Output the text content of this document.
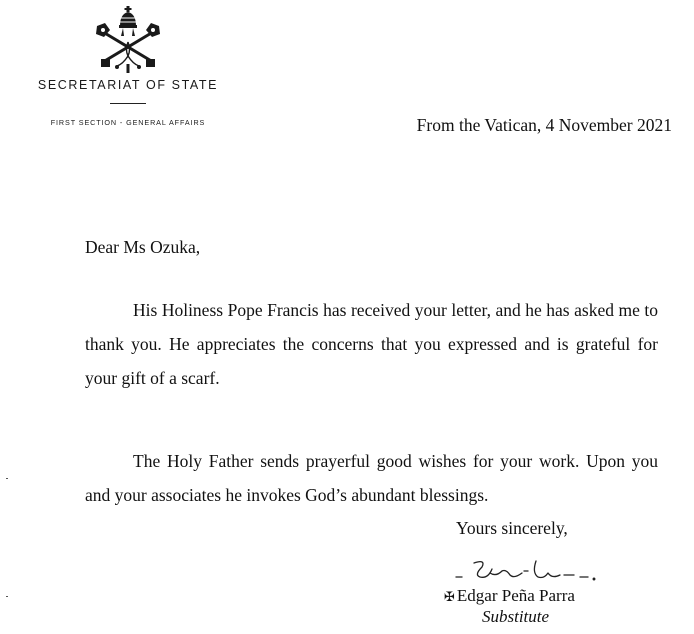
SECRETARIAT OF STATE
FIRST SECTION - GENERAL AFFAIRS	From the Vatican, 4 November 2021
Dear Ms Ozuka,

His Holiness Pope Francis has received your letter, and he has asked me to thank you. He appreciates the concerns that you expressed and is grateful for your gift of a scarf.

The Holy Father sends prayerful good wishes for your work. Upon you and your associates he invokes God’s abundant blessings.

Yours sincerely,
✠ Edgar Peña Parra
Substitute
